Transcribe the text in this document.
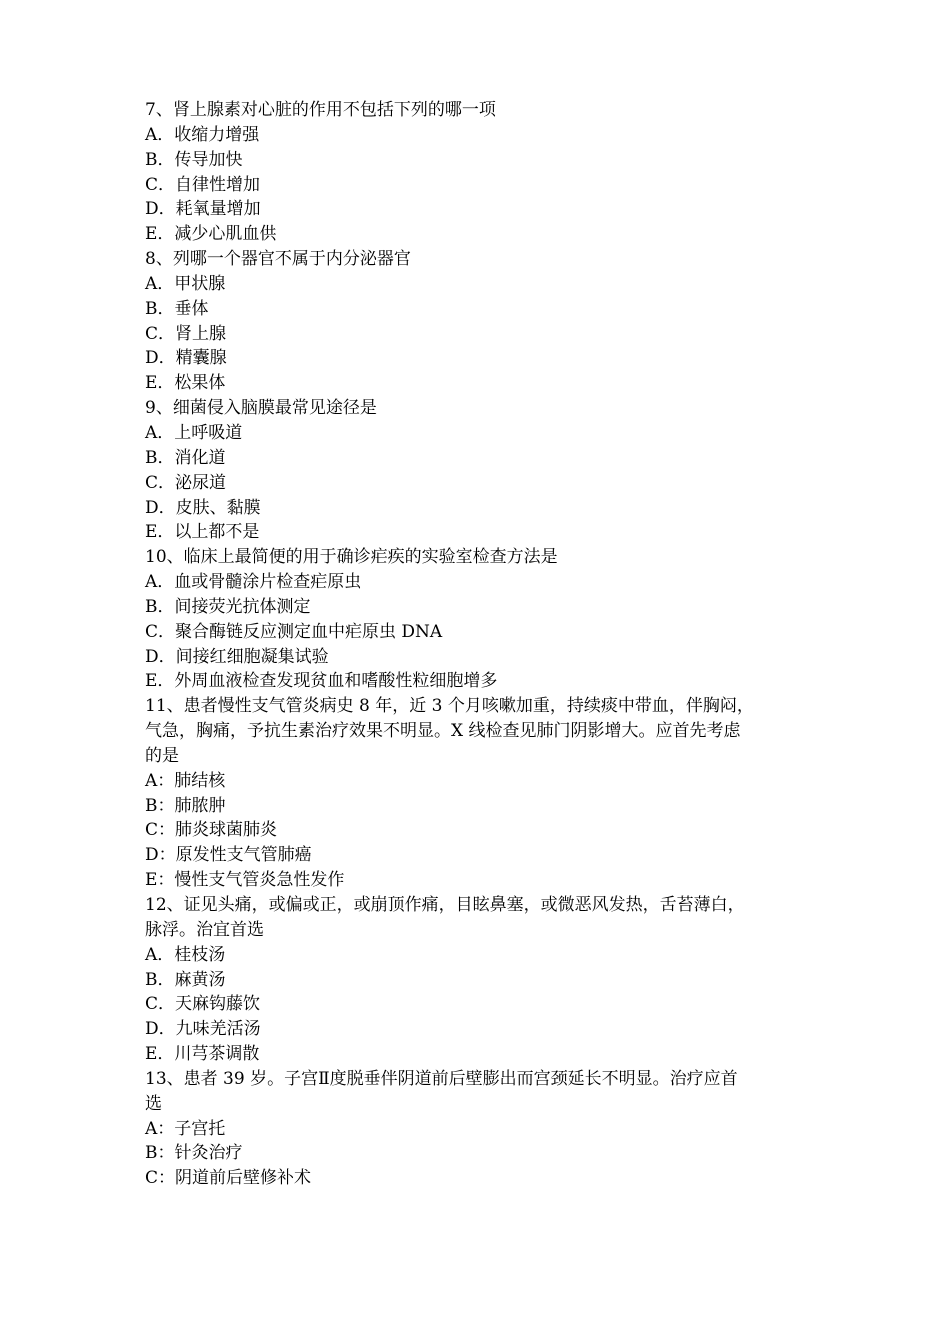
7、肾上腺素对心脏的作用不包括下列的哪一项
A．收缩力增强
B．传导加快
C．自律性增加
D．耗氧量增加
E．减少心肌血供
8、列哪一个器官不属于内分泌器官
A．甲状腺
B．垂体
C．肾上腺
D．精囊腺
E．松果体
9、细菌侵入脑膜最常见途径是
A．上呼吸道
B．消化道
C．泌尿道
D．皮肤、黏膜
E．以上都不是
10、临床上最简便的用于确诊疟疾的实验室检查方法是
A．血或骨髓涂片检查疟原虫
B．间接荧光抗体测定
C．聚合酶链反应测定血中疟原虫 DNA
D．间接红细胞凝集试验
E．外周血液检查发现贫血和嗜酸性粒细胞增多
11、患者慢性支气管炎病史 8 年，近 3 个月咳嗽加重，持续痰中带血，伴胸闷，
气急，胸痛，予抗生素治疗效果不明显。X 线检查见肺门阴影增大。应首先考虑
的是
A：肺结核
B：肺脓肿
C：肺炎球菌肺炎
D：原发性支气管肺癌
E：慢性支气管炎急性发作
12、证见头痛，或偏或正，或崩顶作痛，目眩鼻塞，或微恶风发热，舌苔薄白，
脉浮。治宜首选
A．桂枝汤
B．麻黄汤
C．天麻钩藤饮
D．九味羌活汤
E．川芎茶调散
13、患者 39 岁。子宫Ⅱ度脱垂伴阴道前后壁膨出而宫颈延长不明显。治疗应首
选
A：子宫托
B：针灸治疗
C：阴道前后壁修补术
